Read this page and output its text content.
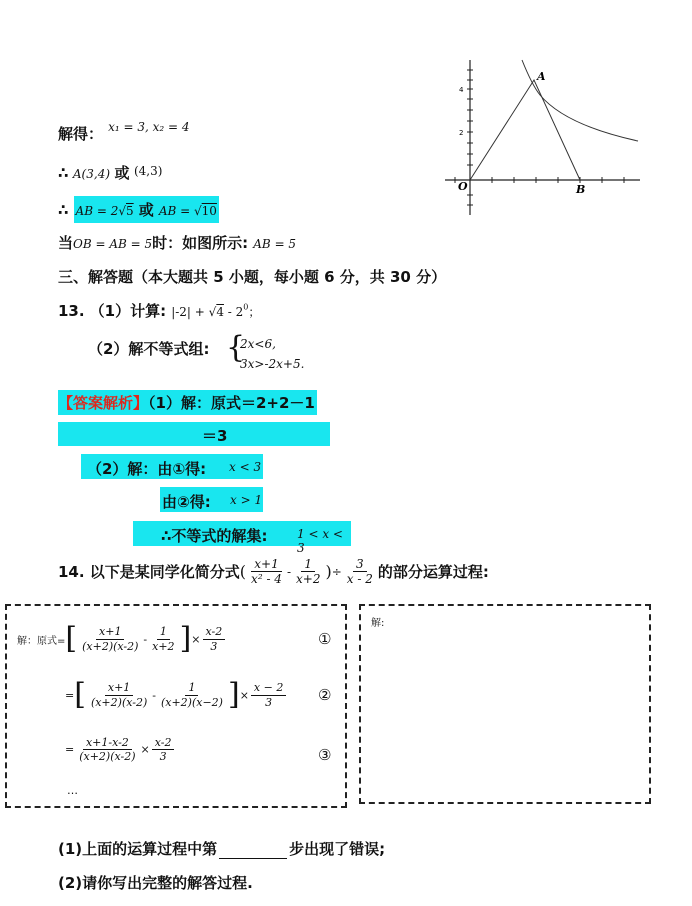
A
B
O
4
2
解得： $^{x_1 = 3, x_2 = 4}$
∴ A(3,4) 或 (4,3)
∴ AB = 2√5 或 AB = √10
当OB = AB = 5时：如图所示: AB = 5
三、解答题（本大题共 5 小题，每小题 6 分，共 30 分）
13. （1）计算: $|-2| + √4 - 2^0$；
（2）解不等式组: {
2x<6,
3x>-2x+5.
【答案解析】（1）解：原式＝2+2－1
＝3
（2）解：由①得: x < 3
由②得: x > 1
∴不等式的解集: 1 < x < 3
14. 以下是某同学化简分式 ( $\frac{x+1}{\text{x² - 4}} - \frac{1}{x+2}$ ) ÷ $\frac{3}{x - 2}$ 的部分运算过程:
解：原式= [ $\frac{x+1}{(x+2)(x-2)} - \frac{1}{x+2}$ ] × $\frac{x-2}{3}$	①
= [ $\frac{x+1}{(x+2)(x-2)} - \frac{1}{(x+2)(x-2)}$ ] × $\frac{x - 2}{3}$ ②
= $\frac{x+1-x-2}{(x+2)(x-2)} \times \frac{x-2}{3}$	③
…
解:
(1)上面的运算过程中第	步出现了错误;
(2)请你写出完整的解答过程.
